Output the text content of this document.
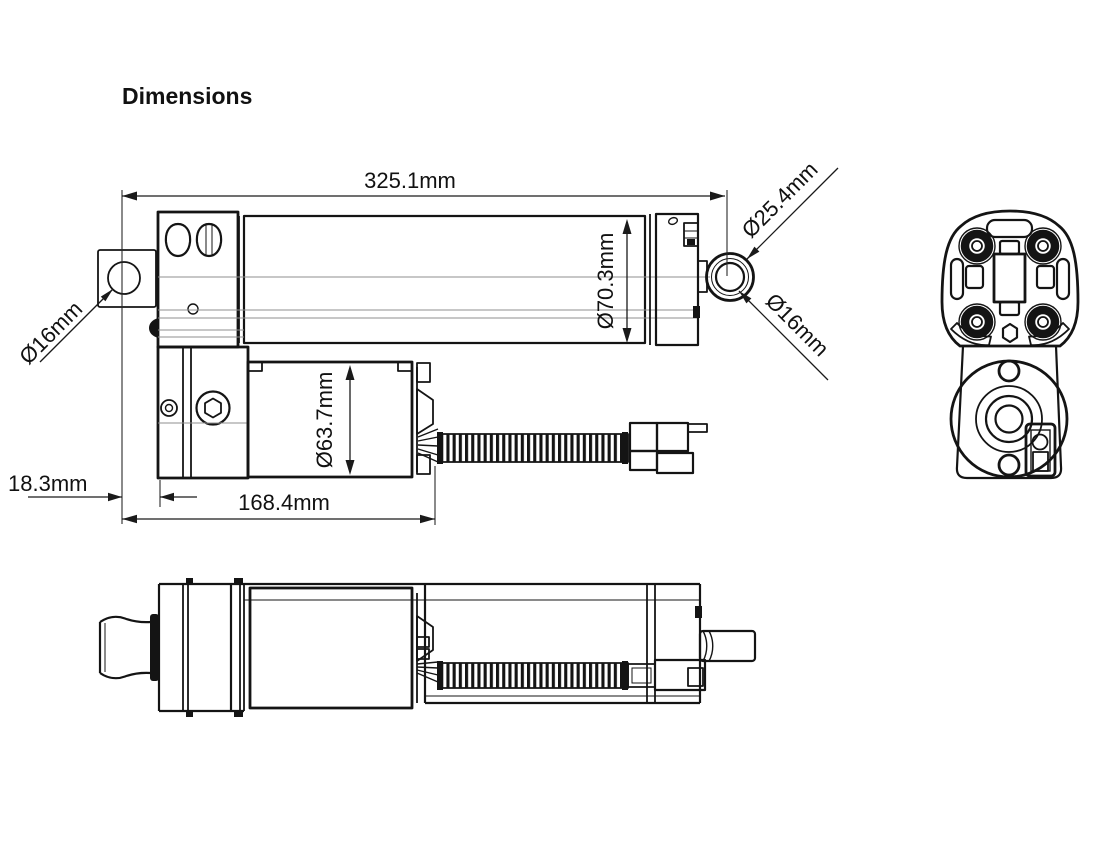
Dimensions
325.1mm
Ø70.3mm
Ø25.4mm
Ø16mm
Ø16mm
Ø63.7mm
18.3mm
168.4mm
